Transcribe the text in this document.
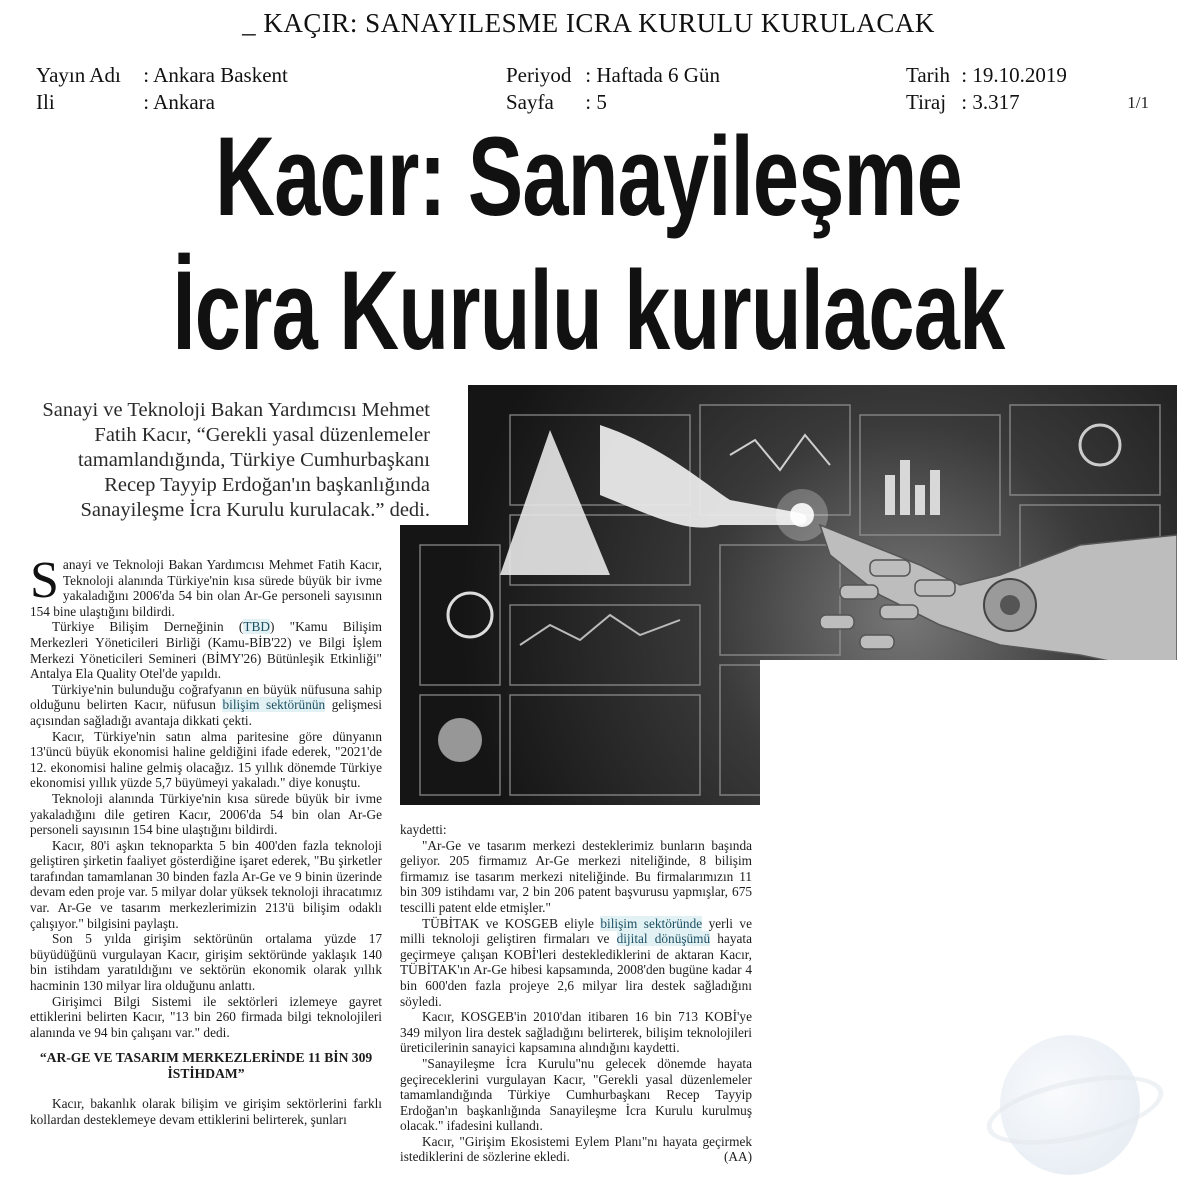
_ KAÇIR: SANAYILESME ICRA KURULU KURULACAK
Yayın Adı : Ankara Baskent
Ili	: Ankara
Periyod : Haftada 6 Gün
Sayfa : 5
Tarih : 19.10.2019
Tiraj : 3.317	1/1
Kacır: Sanayileşme
İcra Kurulu kurulacak
Sanayi ve Teknoloji Bakan Yardımcısı Mehmet Fatih Kacır, “Gerekli yasal düzenlemeler tamamlandığında, Türkiye Cumhurbaşkanı Recep Tayyip Erdoğan'ın başkanlığında Sanayileşme İcra Kurulu kurulacak.” dedi.

Sanayi ve Teknoloji Bakan Yardımcısı Mehmet Fatih Kacır, Teknoloji alanında Türkiye'nin kısa sürede büyük bir ivme yakaladığını 2006'da 54 bin olan Ar-Ge personeli sayısının 154 bine ulaştığını bildirdi.

Türkiye Bilişim Derneğinin (TBD) "Kamu Bilişim Merkezleri Yöneticileri Birliği (Kamu-BİB'22) ve Bilgi İşlem Merkezi Yöneticileri Semineri (BİMY'26) Bütünleşik Etkinliği" Antalya Ela Quality Otel'de yapıldı.

Türkiye'nin bulunduğu coğrafyanın en büyük nüfusuna sahip olduğunu belirten Kacır, nüfusun bilişim sektörünün gelişmesi açısından sağladığı avantaja dikkati çekti.

Kacır, Türkiye'nin satın alma paritesine göre dünyanın 13'üncü büyük ekonomisi haline geldiğini ifade ederek, "2021'de 12. ekonomisi haline gelmiş olacağız. 15 yıllık dönemde Türkiye ekonomisi yıllık yüzde 5,7 büyümeyi yakaladı." diye konuştu.

Teknoloji alanında Türkiye'nin kısa sürede büyük bir ivme yakaladığını dile getiren Kacır, 2006'da 54 bin olan Ar-Ge personeli sayısının 154 bine ulaştığını bildirdi.

Kacır, 80'i aşkın teknoparkta 5 bin 400'den fazla teknoloji geliştiren şirketin faaliyet gösterdiğine işaret ederek, "Bu şirketler tarafından tamamlanan 30 binden fazla Ar-Ge ve 9 binin üzerinde devam eden proje var. 5 milyar dolar yüksek teknoloji ihracatımız var. Ar-Ge ve tasarım merkezlerimizin 213'ü bilişim odaklı çalışıyor." bilgisini paylaştı.

Son 5 yılda girişim sektörünün ortalama yüzde 17 büyüdüğünü vurgulayan Kacır, girişim sektöründe yaklaşık 140 bin istihdam yaratıldığını ve sektörün ekonomik olarak yıllık hacminin 130 milyar lira olduğunu anlattı.

Girişimci Bilgi Sistemi ile sektörleri izlemeye gayret ettiklerini belirten Kacır, "13 bin 260 firmada bilgi teknolojileri alanında ve 94 bin çalışanı var." dedi.

“AR-GE VE TASARIM MERKEZLERİNDE 11 BİN 309 İSTİHDAM”

Kacır, bakanlık olarak bilişim ve girişim sektörlerini farklı kollardan desteklemeye devam ettiklerini belirterek, şunları

kaydetti:

"Ar-Ge ve tasarım merkezi desteklerimiz bunların başında geliyor. 205 firmamız Ar-Ge merkezi niteliğinde, 8 bilişim firmamız ise tasarım merkezi niteliğinde. Bu firmalarımızın 11 bin 309 istihdamı var, 2 bin 206 patent başvurusu yapmışlar, 675 tescilli patent elde etmişler."

TÜBİTAK ve KOSGEB eliyle bilişim sektöründe yerli ve milli teknoloji geliştiren firmaları ve dijital dönüşümü hayata geçirmeye çalışan KOBİ'leri desteklediklerini de aktaran Kacır, TÜBİTAK'ın Ar-Ge hibesi kapsamında, 2008'den bugüne kadar 4 bin 600'den fazla projeye 2,6 milyar lira destek sağladığını söyledi.

Kacır, KOSGEB'in 2010'dan itibaren 16 bin 713 KOBİ'ye 349 milyon lira destek sağladığını belirterek, bilişim teknolojileri üreticilerinin sanayici kapsamına alındığını kaydetti.

"Sanayileşme İcra Kurulu"nu gelecek dönemde hayata geçireceklerini vurgulayan Kacır, "Gerekli yasal düzenlemeler tamamlandığında Türkiye Cumhurbaşkanı Recep Tayyip Erdoğan'ın başkanlığında Sanayileşme İcra Kurulu kurulmuş olacak." ifadesini kullandı.

Kacır, "Girişim Ekosistemi Eylem Planı"nı hayata geçirmek istediklerini de sözlerine ekledi.	(AA)
